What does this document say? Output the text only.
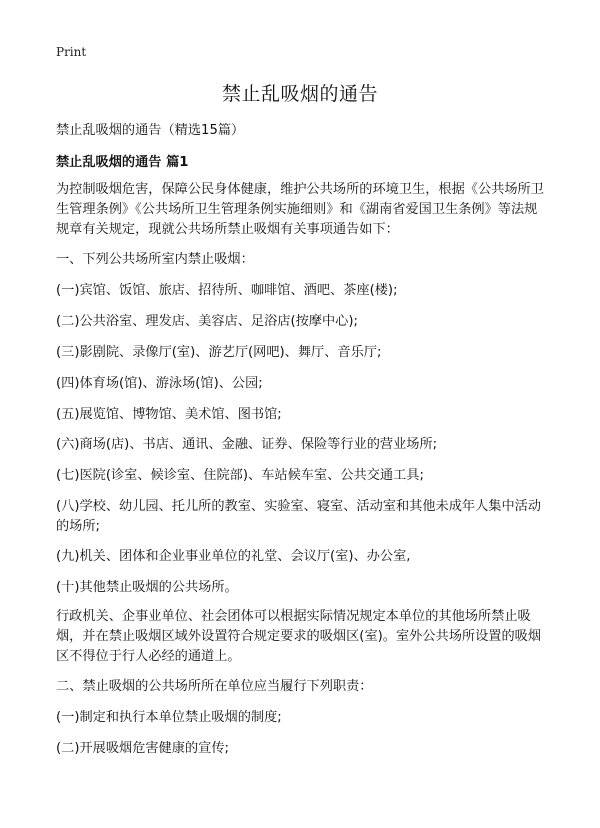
Print
禁止乱吸烟的通告
禁止乱吸烟的通告（精选15篇）
禁止乱吸烟的通告 篇1

为控制吸烟危害，保障公民身体健康，维护公共场所的环境卫生，根据《公共场所卫生管理条例》《公共场所卫生管理条例实施细则》和《湖南省爱国卫生条例》等法规规章有关规定，现就公共场所禁止吸烟有关事项通告如下：

一、下列公共场所室内禁止吸烟：

(一)宾馆、饭馆、旅店、招待所、咖啡馆、酒吧、茶座(楼);

(二)公共浴室、理发店、美容店、足浴店(按摩中心);

(三)影剧院、录像厅(室)、游艺厅(网吧)、舞厅、音乐厅;

(四)体育场(馆)、游泳场(馆)、公园;

(五)展览馆、博物馆、美术馆、图书馆;

(六)商场(店)、书店、通讯、金融、证券、保险等行业的营业场所;

(七)医院(诊室、候诊室、住院部)、车站候车室、公共交通工具;

(八)学校、幼儿园、托儿所的教室、实验室、寝室、活动室和其他未成年人集中活动的场所;

(九)机关、团体和企业事业单位的礼堂、会议厅(室)、办公室,

(十)其他禁止吸烟的公共场所。

行政机关、企事业单位、社会团体可以根据实际情况规定本单位的其他场所禁止吸烟，并在禁止吸烟区域外设置符合规定要求的吸烟区(室)。室外公共场所设置的吸烟区不得位于行人必经的通道上。

二、禁止吸烟的公共场所所在单位应当履行下列职责：

(一)制定和执行本单位禁止吸烟的制度;

(二)开展吸烟危害健康的宣传;
